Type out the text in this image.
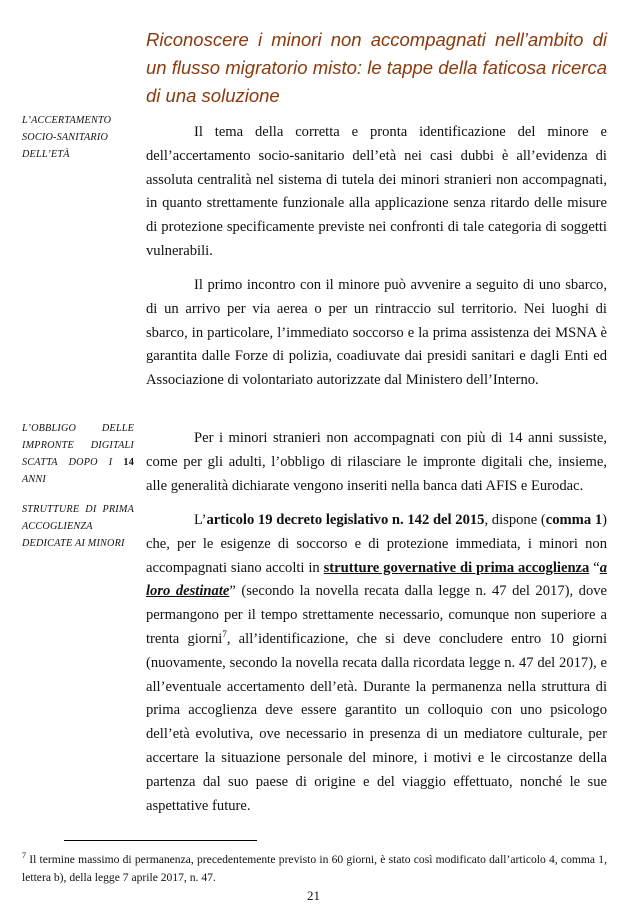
Riconoscere i minori non accompagnati nell’ambito di un flusso migratorio misto: le tappe della faticosa ricerca di una soluzione

L’ACCERTAMENTO SOCIO-SANITARIO DELL’ETÀ

L’OBBLIGO DELLE IMPRONTE DIGITALI SCATTA DOPO I 14 ANNI

STRUTTURE DI PRIMA ACCOGLIENZA DEDICATE AI MINORI

Il tema della corretta e pronta identificazione del minore e dell’accertamento socio-sanitario dell’età nei casi dubbi è all’evidenza di assoluta centralità nel sistema di tutela dei minori stranieri non accompagnati, in quanto strettamente funzionale alla applicazione senza ritardo delle misure di protezione specificamente previste nei confronti di tale categoria di soggetti vulnerabili.

Il primo incontro con il minore può avvenire a seguito di uno sbarco, di un arrivo per via aerea o per un rintraccio sul territorio. Nei luoghi di sbarco, in particolare, l’immediato soccorso e la prima assistenza dei MSNA è garantita dalle Forze di polizia, coadiuvate dai presidi sanitari e dagli Enti ed Associazione di volontariato autorizzate dal Ministero dell’Interno.

Per i minori stranieri non accompagnati con più di 14 anni sussiste, come per gli adulti, l’obbligo di rilasciare le impronte digitali che, insieme, alle generalità dichiarate vengono inseriti nella banca dati AFIS e Eurodac.

L’articolo 19 decreto legislativo n. 142 del 2015, dispone (comma 1) che, per le esigenze di soccorso e di protezione immediata, i minori non accompagnati siano accolti in strutture governative di prima accoglienza “a loro destinate” (secondo la novella recata dalla legge n. 47 del 2017), dove permangono per il tempo strettamente necessario, comunque non superiore a trenta giorni$^7$, all’identificazione, che si deve concludere entro 10 giorni (nuovamente, secondo la novella recata dalla ricordata legge n. 47 del 2017), e all’eventuale accertamento dell’età. Durante la permanenza nella struttura di prima accoglienza deve essere garantito un colloquio con uno psicologo dell’età evolutiva, ove necessario in presenza di un mediatore culturale, per accertare la situazione personale del minore, i motivi e le circostanze della partenza dal suo paese di origine e del viaggio effettuato, nonché le sue aspettative future.

$^7$ Il termine massimo di permanenza, precedentemente previsto in 60 giorni, è stato così modificato dall’articolo 4, comma 1, lettera b), della legge 7 aprile 2017, n. 47.

21
